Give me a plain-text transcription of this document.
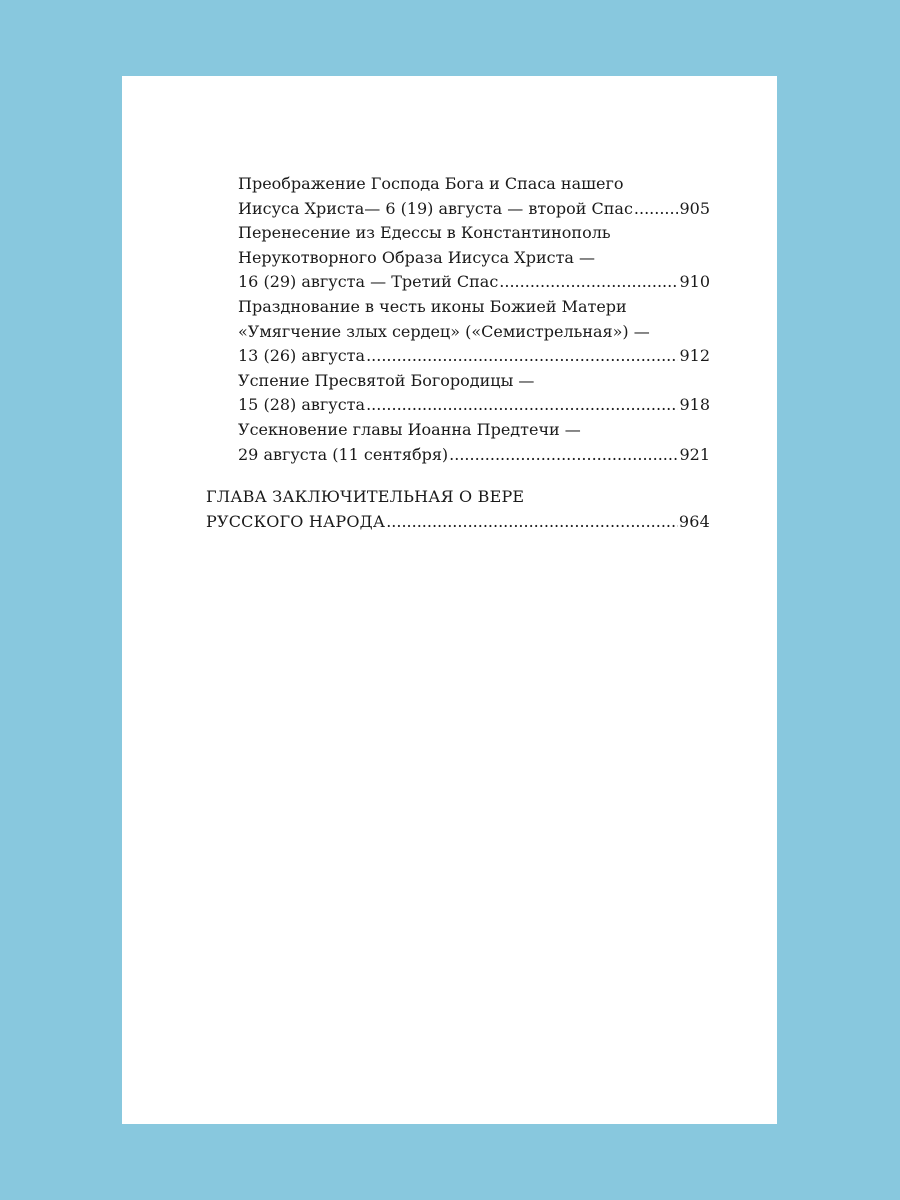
Преображение Господа Бога и Спаса нашего
Иисуса Христа— 6 (19) августа — второй Спас .....	905
Перенесение из Едессы в Константинополь
Нерукотворного Образа Иисуса Христа —
16 (29) августа — Третий Спас .....	910
Празднование в честь иконы Божией Матери
«Умягчение злых сердец» («Семистрельная») —
13 (26) августа .....	912
Успение Пресвятой Богородицы —
15 (28) августа .....	918
Усекновение главы Иоанна Предтечи —
29 августа (11 сентября) .....	921
ГЛАВА ЗАКЛЮЧИТЕЛЬНАЯ О ВЕРЕ
РУССКОГО НАРОДА .....	964
